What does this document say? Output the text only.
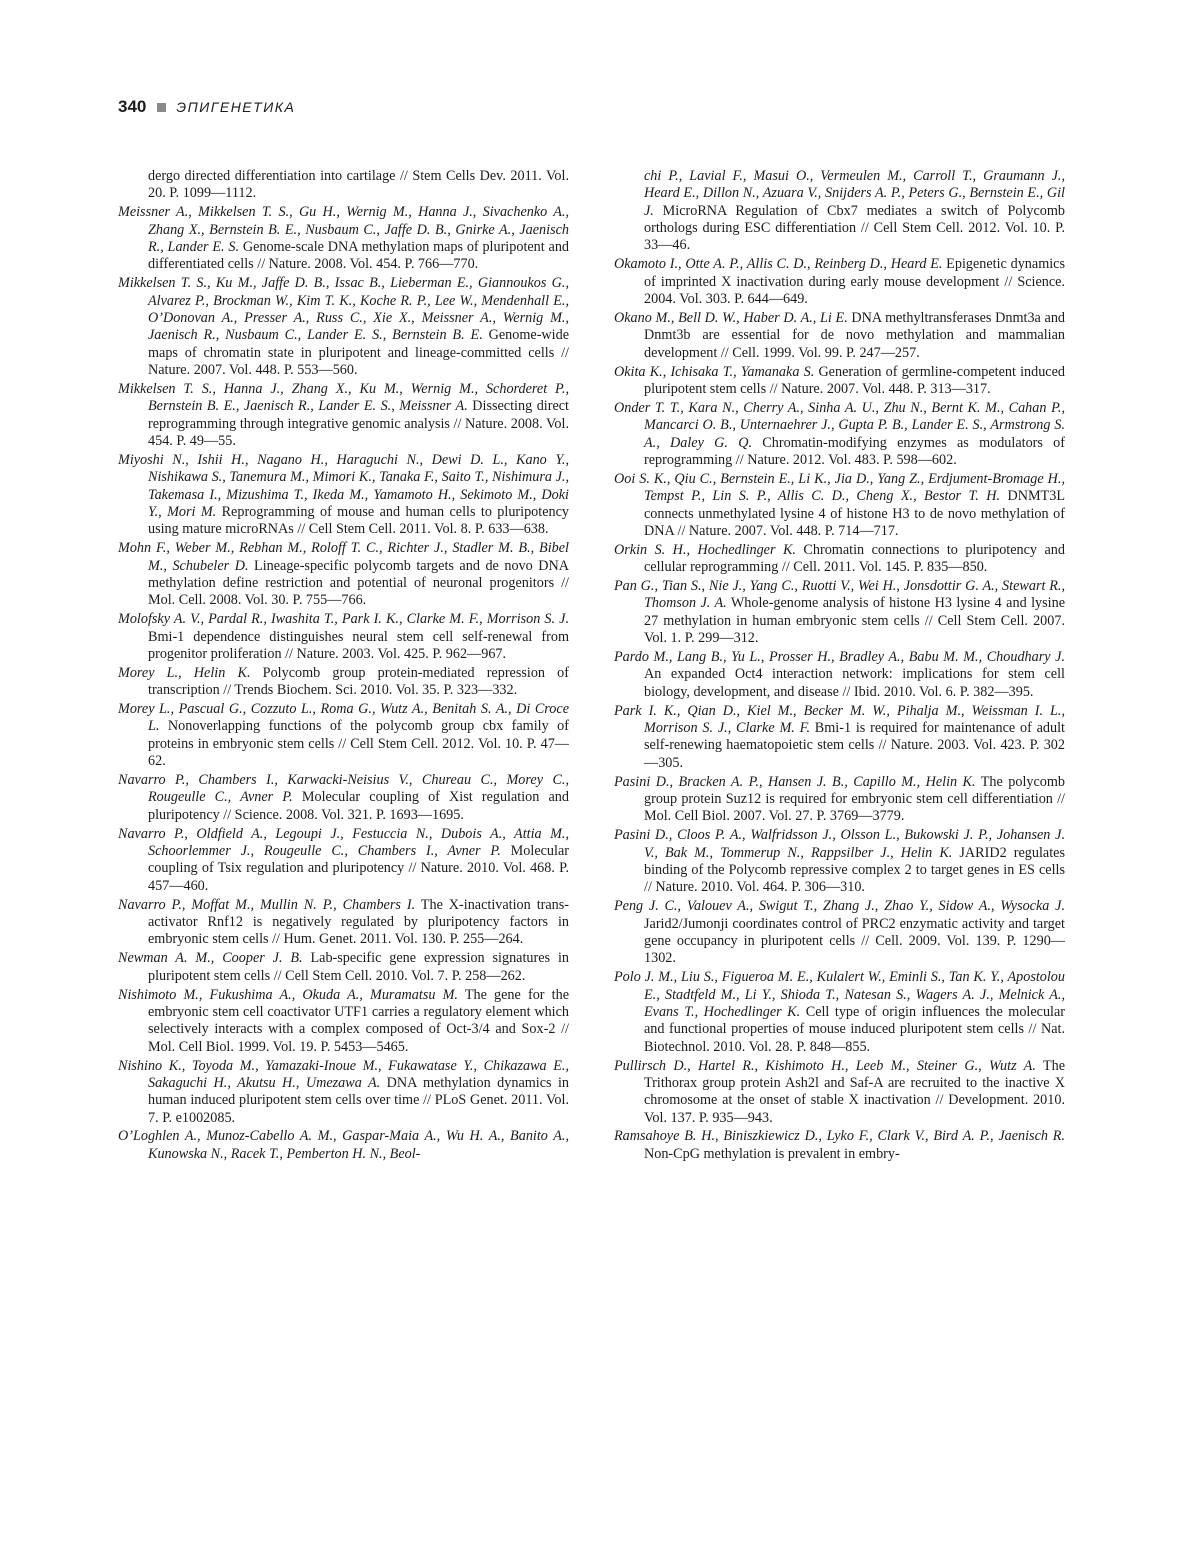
340 ЭПИГЕНЕТИКА

dergo directed differentiation into cartilage // Stem Cells Dev. 2011. Vol. 20. P. 1099—1112.

Meissner A., Mikkelsen T. S., Gu H., Wernig M., Hanna J., Sivachenko A., Zhang X., Bernstein B. E., Nusbaum C., Jaffe D. B., Gnirke A., Jaenisch R., Lander E. S. Genome-scale DNA methylation maps of pluripotent and differentiated cells // Nature. 2008. Vol. 454. P. 766—770.

Mikkelsen T. S., Ku M., Jaffe D. B., Issac B., Lieberman E., Giannoukos G., Alvarez P., Brockman W., Kim T. K., Koche R. P., Lee W., Mendenhall E., O’Donovan A., Presser A., Russ C., Xie X., Meissner A., Wernig M., Jaenisch R., Nusbaum C., Lander E. S., Bernstein B. E. Genome-wide maps of chromatin state in pluripotent and lineage-committed cells // Nature. 2007. Vol. 448. P. 553—560.

Mikkelsen T. S., Hanna J., Zhang X., Ku M., Wernig M., Schorderet P., Bernstein B. E., Jaenisch R., Lander E. S., Meissner A. Dissecting direct reprogramming through integrative genomic analysis // Nature. 2008. Vol. 454. P. 49—55.

Miyoshi N., Ishii H., Nagano H., Haraguchi N., Dewi D. L., Kano Y., Nishikawa S., Tanemura M., Mimori K., Tanaka F., Saito T., Nishimura J., Takemasa I., Mizushima T., Ikeda M., Yamamoto H., Sekimoto M., Doki Y., Mori M. Reprogramming of mouse and human cells to pluripotency using mature microRNAs // Cell Stem Cell. 2011. Vol. 8. P. 633—638.

Mohn F., Weber M., Rebhan M., Roloff T. C., Richter J., Stadler M. B., Bibel M., Schubeler D. Lineage-specific polycomb targets and de novo DNA methylation define restriction and potential of neuronal progenitors // Mol. Cell. 2008. Vol. 30. P. 755—766.

Molofsky A. V., Pardal R., Iwashita T., Park I. K., Clarke M. F., Morrison S. J. Bmi-1 dependence distinguishes neural stem cell self-renewal from progenitor proliferation // Nature. 2003. Vol. 425. P. 962—967.

Morey L., Helin K. Polycomb group protein-mediated repression of transcription // Trends Biochem. Sci. 2010. Vol. 35. P. 323—332.

Morey L., Pascual G., Cozzuto L., Roma G., Wutz A., Benitah S. A., Di Croce L. Nonoverlapping functions of the polycomb group cbx family of proteins in embryonic stem cells // Cell Stem Cell. 2012. Vol. 10. P. 47—62.

Navarro P., Chambers I., Karwacki-Neisius V., Chureau C., Morey C., Rougeulle C., Avner P. Molecular coupling of Xist regulation and pluripotency // Science. 2008. Vol. 321. P. 1693—1695.

Navarro P., Oldfield A., Legoupi J., Festuccia N., Dubois A., Attia M., Schoorlemmer J., Rougeulle C., Chambers I., Avner P. Molecular coupling of Tsix regulation and pluripotency // Nature. 2010. Vol. 468. P. 457—460.

Navarro P., Moffat M., Mullin N. P., Chambers I. The X-inactivation trans-activator Rnf12 is negatively regulated by pluripotency factors in embryonic stem cells // Hum. Genet. 2011. Vol. 130. P. 255—264.

Newman A. M., Cooper J. B. Lab-specific gene expression signatures in pluripotent stem cells // Cell Stem Cell. 2010. Vol. 7. P. 258—262.

Nishimoto M., Fukushima A., Okuda A., Muramatsu M. The gene for the embryonic stem cell coactivator UTF1 carries a regulatory element which selectively interacts with a complex composed of Oct-3/4 and Sox-2 // Mol. Cell Biol. 1999. Vol. 19. P. 5453—5465.

Nishino K., Toyoda M., Yamazaki-Inoue M., Fukawatase Y., Chikazawa E., Sakaguchi H., Akutsu H., Umezawa A. DNA methylation dynamics in human induced pluripotent stem cells over time // PLoS Genet. 2011. Vol. 7. P. e1002085.

O’Loghlen A., Munoz-Cabello A. M., Gaspar-Maia A., Wu H. A., Banito A., Kunowska N., Racek T., Pemberton H. N., Beol-

chi P., Lavial F., Masui O., Vermeulen M., Carroll T., Graumann J., Heard E., Dillon N., Azuara V., Snijders A. P., Peters G., Bernstein E., Gil J. MicroRNA Regulation of Cbx7 mediates a switch of Polycomb orthologs during ESC differentiation // Cell Stem Cell. 2012. Vol. 10. P. 33—46.

Okamoto I., Otte A. P., Allis C. D., Reinberg D., Heard E. Epigenetic dynamics of imprinted X inactivation during early mouse development // Science. 2004. Vol. 303. P. 644—649.

Okano M., Bell D. W., Haber D. A., Li E. DNA methyltransferases Dnmt3a and Dnmt3b are essential for de novo methylation and mammalian development // Cell. 1999. Vol. 99. P. 247—257.

Okita K., Ichisaka T., Yamanaka S. Generation of germline-competent induced pluripotent stem cells // Nature. 2007. Vol. 448. P. 313—317.

Onder T. T., Kara N., Cherry A., Sinha A. U., Zhu N., Bernt K. M., Cahan P., Mancarci O. B., Unternaehrer J., Gupta P. B., Lander E. S., Armstrong S. A., Daley G. Q. Chromatin-modifying enzymes as modulators of reprogramming // Nature. 2012. Vol. 483. P. 598—602.

Ooi S. K., Qiu C., Bernstein E., Li K., Jia D., Yang Z., Erdjument-Bromage H., Tempst P., Lin S. P., Allis C. D., Cheng X., Bestor T. H. DNMT3L connects unmethylated lysine 4 of histone H3 to de novo methylation of DNA // Nature. 2007. Vol. 448. P. 714—717.

Orkin S. H., Hochedlinger K. Chromatin connections to pluripotency and cellular reprogramming // Cell. 2011. Vol. 145. P. 835—850.

Pan G., Tian S., Nie J., Yang C., Ruotti V., Wei H., Jonsdottir G. A., Stewart R., Thomson J. A. Whole-genome analysis of histone H3 lysine 4 and lysine 27 methylation in human embryonic stem cells // Cell Stem Cell. 2007. Vol. 1. P. 299—312.

Pardo M., Lang B., Yu L., Prosser H., Bradley A., Babu M. M., Choudhary J. An expanded Oct4 interaction network: implications for stem cell biology, development, and disease // Ibid. 2010. Vol. 6. P. 382—395.

Park I. K., Qian D., Kiel M., Becker M. W., Pihalja M., Weissman I. L., Morrison S. J., Clarke M. F. Bmi-1 is required for maintenance of adult self-renewing haematopoietic stem cells // Nature. 2003. Vol. 423. P. 302—305.

Pasini D., Bracken A. P., Hansen J. B., Capillo M., Helin K. The polycomb group protein Suz12 is required for embryonic stem cell differentiation // Mol. Cell Biol. 2007. Vol. 27. P. 3769—3779.

Pasini D., Cloos P. A., Walfridsson J., Olsson L., Bukowski J. P., Johansen J. V., Bak M., Tommerup N., Rappsilber J., Helin K. JARID2 regulates binding of the Polycomb repressive complex 2 to target genes in ES cells // Nature. 2010. Vol. 464. P. 306—310.

Peng J. C., Valouev A., Swigut T., Zhang J., Zhao Y., Sidow A., Wysocka J. Jarid2/Jumonji coordinates control of PRC2 enzymatic activity and target gene occupancy in pluripotent cells // Cell. 2009. Vol. 139. P. 1290—1302.

Polo J. M., Liu S., Figueroa M. E., Kulalert W., Eminli S., Tan K. Y., Apostolou E., Stadtfeld M., Li Y., Shioda T., Natesan S., Wagers A. J., Melnick A., Evans T., Hochedlinger K. Cell type of origin influences the molecular and functional properties of mouse induced pluripotent stem cells // Nat. Biotechnol. 2010. Vol. 28. P. 848—855.

Pullirsch D., Hartel R., Kishimoto H., Leeb M., Steiner G., Wutz A. The Trithorax group protein Ash2l and Saf-A are recruited to the inactive X chromosome at the onset of stable X inactivation // Development. 2010. Vol. 137. P. 935—943.

Ramsahoye B. H., Biniszkiewicz D., Lyko F., Clark V., Bird A. P., Jaenisch R. Non-CpG methylation is prevalent in embry-
